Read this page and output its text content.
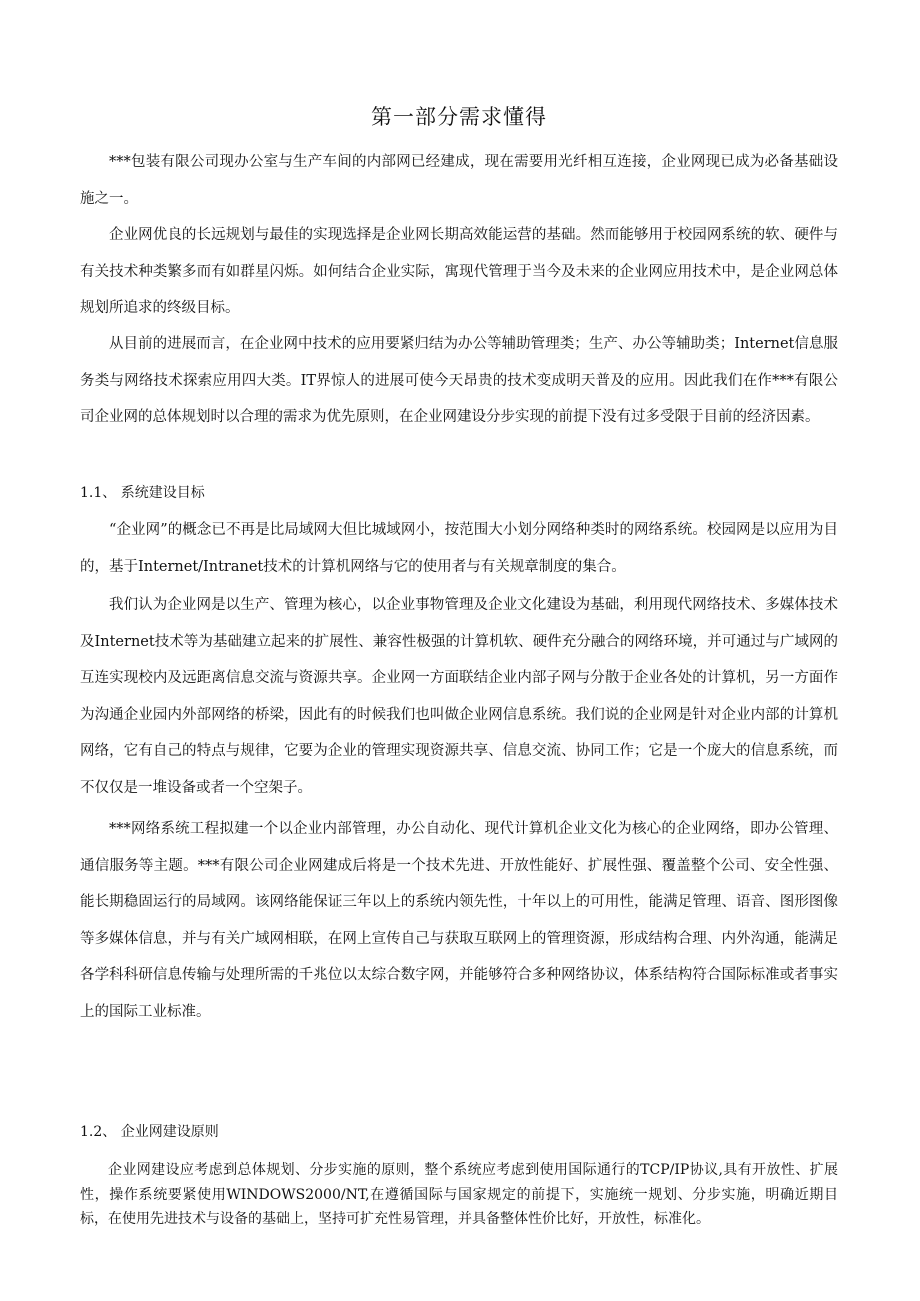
第一部分需求懂得

***包装有限公司现办公室与生产车间的内部网已经建成，现在需要用光纤相互连接，企业网现已成为必备基础设施之一。

企业网优良的长远规划与最佳的实现选择是企业网长期高效能运营的基础。然而能够用于校园网系统的软、硬件与有关技术种类繁多而有如群星闪烁。如何结合企业实际，寓现代管理于当今及未来的企业网应用技术中，是企业网总体规划所追求的终级目标。

从目前的进展而言，在企业网中技术的应用要紧归结为办公等辅助管理类；生产、办公等辅助类；Internet信息服务类与网络技术探索应用四大类。IT界惊人的进展可使今天昂贵的技术变成明天普及的应用。因此我们在作***有限公司企业网的总体规划时以合理的需求为优先原则，在企业网建设分步实现的前提下没有过多受限于目前的经济因素。

1.1、 系统建设目标

“企业网”的概念已不再是比局域网大但比城域网小，按范围大小划分网络种类时的网络系统。校园网是以应用为目的，基于Internet/Intranet技术的计算机网络与它的使用者与有关规章制度的集合。

我们认为企业网是以生产、管理为核心，以企业事物管理及企业文化建设为基础，利用现代网络技术、多媒体技术及Internet技术等为基础建立起来的扩展性、兼容性极强的计算机软、硬件充分融合的网络环境，并可通过与广域网的互连实现校内及远距离信息交流与资源共享。企业网一方面联结企业内部子网与分散于企业各处的计算机，另一方面作为沟通企业园内外部网络的桥梁，因此有的时候我们也叫做企业网信息系统。我们说的企业网是针对企业内部的计算机网络，它有自己的特点与规律，它要为企业的管理实现资源共享、信息交流、协同工作；它是一个庞大的信息系统，而不仅仅是一堆设备或者一个空架子。

***网络系统工程拟建一个以企业内部管理，办公自动化、现代计算机企业文化为核心的企业网络，即办公管理、通信服务等主题。***有限公司企业网建成后将是一个技术先进、开放性能好、扩展性强、覆盖整个公司、安全性强、能长期稳固运行的局域网。该网络能保证三年以上的系统内领先性，十年以上的可用性，能满足管理、语音、图形图像等多媒体信息，并与有关广域网相联，在网上宣传自己与获取互联网上的管理资源，形成结构合理、内外沟通，能满足各学科科研信息传输与处理所需的千兆位以太综合数字网，并能够符合多种网络协议，体系结构符合国际标准或者事实上的国际工业标准。

1.2、 企业网建设原则

企业网建设应考虑到总体规划、分步实施的原则，整个系统应考虑到使用国际通行的TCP/IP协议,具有开放性、扩展性，操作系统要紧使用WINDOWS2000/NT,在遵循国际与国家规定的前提下，实施统一规划、分步实施，明确近期目标，在使用先进技术与设备的基础上，坚持可扩充性易管理，并具备整体性价比好，开放性，标准化。
